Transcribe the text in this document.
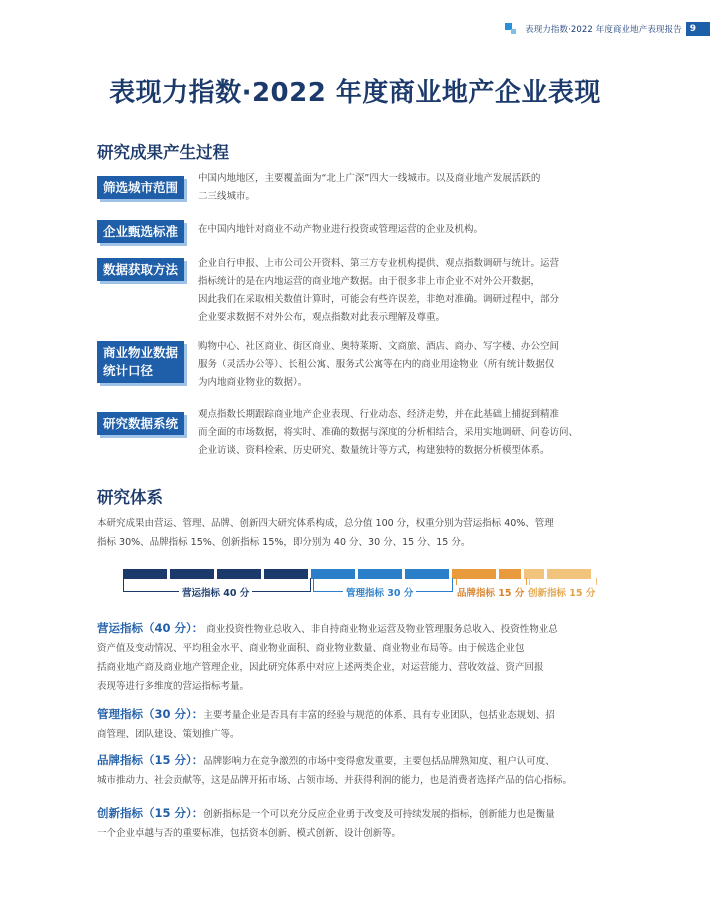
表现力指数·2022 年度商业地产表现报告 9
表现力指数·2022 年度商业地产企业表现
研究成果产生过程
筛选城市范围
中国内地地区，主要覆盖面为“北上广深”四大一线城市。以及商业地产发展活跃的
二三线城市。
企业甄选标准	在中国内地针对商业不动产物业进行投资或管理运营的企业及机构。
数据获取方法	企业自行申报、上市公司公开资料、第三方专业机构提供、观点指数调研与统计。运营
指标统计的是在内地运营的商业地产数据。由于很多非上市企业不对外公开数据，
因此我们在采取相关数值计算时，可能会有些许误差，非绝对准确。调研过程中，部分
企业要求数据不对外公布，观点指数对此表示理解及尊重。
商业物业数据
统计口径
购物中心、社区商业、街区商业、奥特莱斯、文商旅、酒店、商办、写字楼、办公空间
服务（灵活办公等）、长租公寓、服务式公寓等在内的商业用途物业（所有统计数据仅
为内地商业物业的数据）。
研究数据系统
观点指数长期跟踪商业地产企业表现、行业动态、经济走势，并在此基础上捕捉到精准
而全面的市场数据，将实时、准确的数据与深度的分析相结合，采用实地调研、问卷访问、
企业访谈、资料检索、历史研究、数量统计等方式，构建独特的数据分析模型体系。
研究体系
本研究成果由营运、管理、品牌、创新四大研究体系构成，总分值 100 分，权重分别为营运指标 40%、管理
指标 30%、品牌指标 15%、创新指标 15%，即分别为 40 分、30 分、15 分、15 分。
营运指标 40 分	管理指标 30 分	品牌指标 15 分 创新指标 15 分
营运指标（40 分）： 商业投资性物业总收入、非自持商业物业运营及物业管理服务总收入、投资性物业总
资产值及变动情况、平均租金水平、商业物业面积、商业物业数量、商业物业布局等。由于候选企业包
括商业地产商及商业地产管理企业，因此研究体系中对应上述两类企业，对运营能力、营收效益、资产回报
表现等进行多维度的营运指标考量。
管理指标（30 分）：主要考量企业是否具有丰富的经验与规范的体系、具有专业团队，包括业态规划、招
商管理、团队建设、策划推广等。
品牌指标（15 分）：品牌影响力在竞争激烈的市场中变得愈发重要，主要包括品牌熟知度、租户认可度、
城市推动力、社会贡献等，这是品牌开拓市场、占领市场、并获得利润的能力，也是消费者选择产品的信心指标。
创新指标（15 分）：创新指标是一个可以充分反应企业勇于改变及可持续发展的指标，创新能力也是衡量
一个企业卓越与否的重要标准，包括资本创新、模式创新、设计创新等。
